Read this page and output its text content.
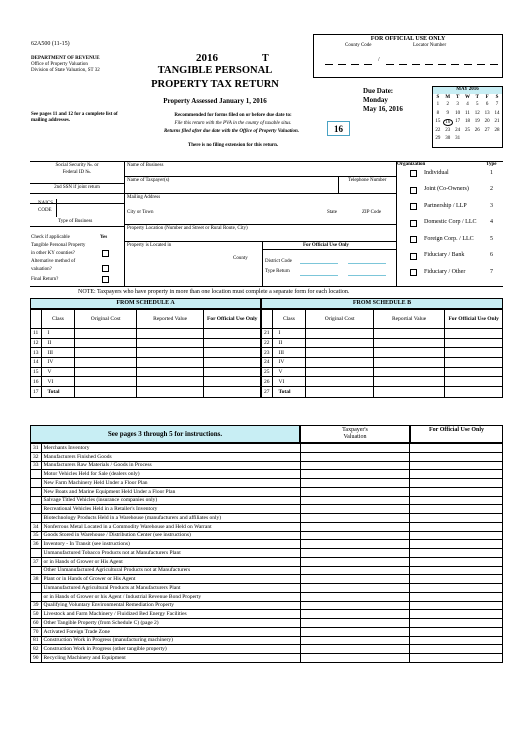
62A500 (11-15)
DEPARTMENT OF REVENUE
Office of Property Valuation
Division of State Valuation, ST 32
See pages 11 and 12 for a complete list of mailing addresses.
2016	T
TANGIBLE PERSONAL
PROPERTY TAX RETURN
Property Assessed January 1, 2016
Recommended for forms filed on or before due date to:
File this return with the PVA in the county of taxable situs.
Returns filed after due date with the Office of Property Valuation.
There is no filing extension for this return.
FOR OFFICIAL USE ONLY
County Code	Locator Number
/
Due Date:
Monday
May 16, 2016
16
MAY 2016
S	M	T	W	T	F	S
1	2	3	4	5	6	7
8	9	10 11 12 13 14
15 16 17 18 19 20 21
22 23 24 25 26 27 28
29 30 31
Social Security №. or
Federal ID №.
2nd SSN if joint return
NAICS
CODE
Type of Business
Check if applicable	Yes
Tangible Personal Property
in other KY counties?
Alternative method of
valuation?
Final Return?
Name of Business
Name of Taxpayer(s)	Telephone Number
Mailing Address
City or Town	State	ZIP Code
Property Location (Number and Street or Rural Route, City)
Property is Located in
County
For Official Use Only
District Code
Type Return
Organization	Type
Individual	1
Joint (Co-Owners)	2
Partnership / LLP	3
Domestic Corp / LLC 4
Foreign Corp. / LLC	5
Fiduciary / Bank	6
Fiduciary / Other	7
NOTE: Taxpayers who have property in more than one location must complete a separate form for each location.
FROM SCHEDULE A	FROM SCHEDULE B
	Class	Original Cost	Reported Value	For Official Use Only
11	I			
12	II			
13	III			
14	IV			
15	V			
16	VI			
17	Total			
	Class	Original Cost	Reportial Value	For Official Use Only
21	I			
22	II			
23	III			
24	IV			
25	V			
26	VI			
27	Total			
See pages 3 through 5 for instructions.	Taxpayer's Valuation
For Official Use Only
31	Merchants Inventory		
32	Manufacturers Finished Goods		
33	Manufacturers Raw Materials / Goods in Process		
	Motor Vehicles Held for Sale (dealers only)		
	New Farm Machinery Held Under a Floor Plan		
	New Boats and Marine Equipment Held Under a Floor Plan		
	Salvage Titled Vehicles (insurance companies only)		
	Recreational Vehicles Held in a Retailer's Inventory		
	Biotechnology Products Held in a Warehouse (manufacturers and affiliates only)		
34	Nonferrous Metal Located in a Commodity Warehouse and Held on Warrant		
35	Goods Stored in Warehouse / Distribution Center (see instructions)		
36	Inventory - In Transit (see instructions)		
	Unmanufactured Tobacco Products not at Manufacturers Plant		
37	or in Hands of Grower or His Agent		
	Other Unmanufactured Agricultural Products not at Manufacturers		
38	Plant or in Hands of Grower or His Agent		
	Unmanufactured Agricultural Products at Manufacturers Plant		
	or in Hands of Grower or his Agent / Industrial Revenue Bond Property		
39	Qualifying Voluntary Environmental Remediation Property		
50	Livestock and Farm Machinery / Fluidized Bed Energy Facilities		
60	Other Tangible Property (from Schedule C) (page 2)		
70	Activated Foreign Trade Zone		
81	Construction Work in Progress (manufacturing machinery)		
82	Construction Work in Progress (other tangible property)		
90	Recycling Machinery and Equipment		
